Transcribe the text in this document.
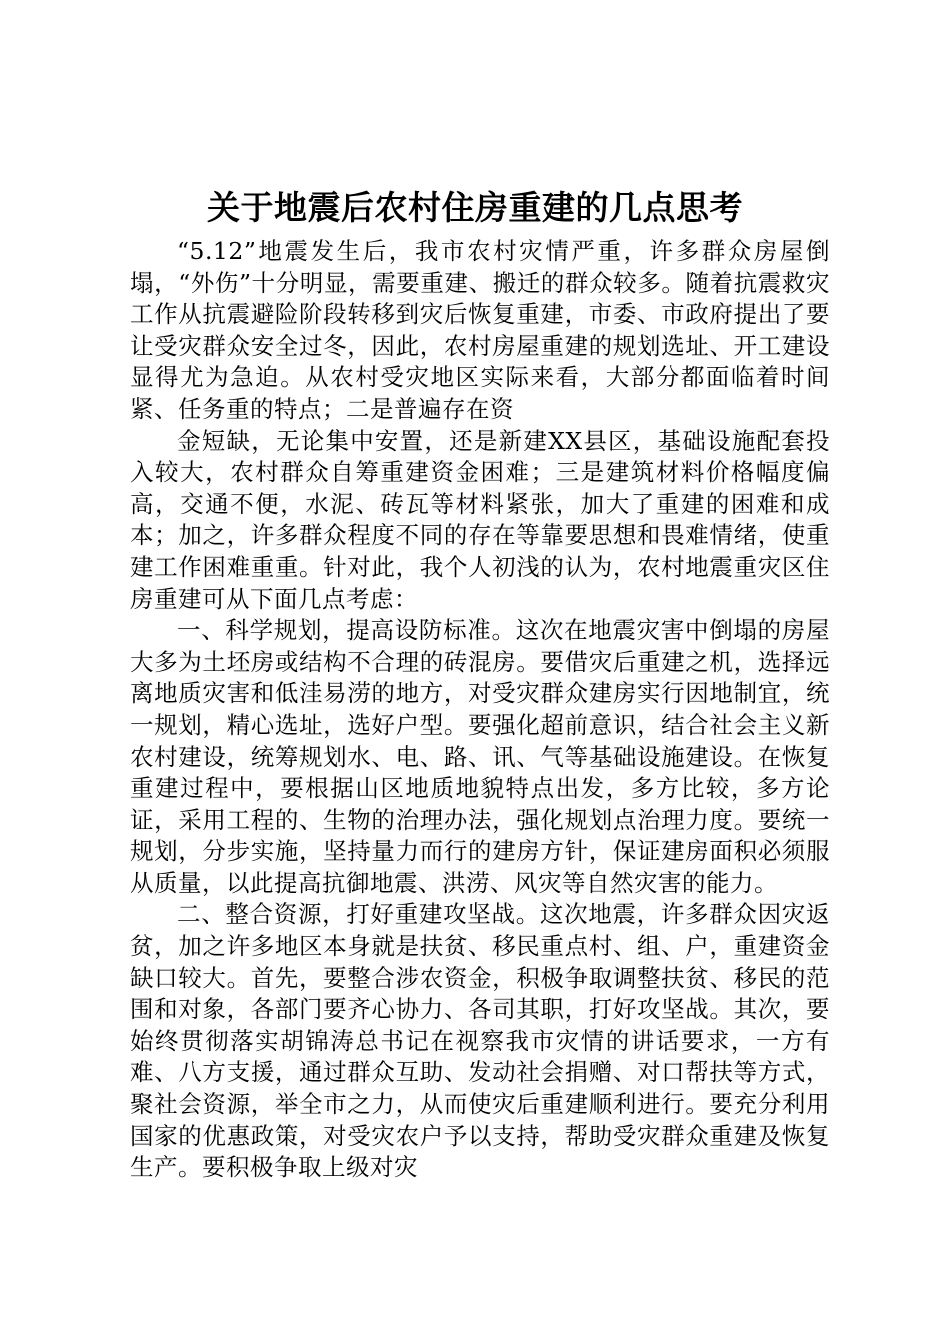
关于地震后农村住房重建的几点思考

“5.12”地震发生后，我市农村灾情严重，许多群众房屋倒塌，“外伤”十分明显，需要重建、搬迁的群众较多。随着抗震救灾工作从抗震避险阶段转移到灾后恢复重建，市委、市政府提出了要让受灾群众安全过冬，因此，农村房屋重建的规划选址、开工建设显得尤为急迫。从农村受灾地区实际来看，大部分都面临着时间紧、任务重的特点；二是普遍存在资

金短缺，无论集中安置，还是新建XX县区，基础设施配套投入较大，农村群众自筹重建资金困难；三是建筑材料价格幅度偏高，交通不便，水泥、砖瓦等材料紧张，加大了重建的困难和成本；加之，许多群众程度不同的存在等靠要思想和畏难情绪，使重建工作困难重重。针对此，我个人初浅的认为，农村地震重灾区住房重建可从下面几点考虑：

一、科学规划，提高设防标准。这次在地震灾害中倒塌的房屋大多为土坯房或结构不合理的砖混房。要借灾后重建之机，选择远离地质灾害和低洼易涝的地方，对受灾群众建房实行因地制宜，统一规划，精心选址，选好户型。要强化超前意识，结合社会主义新农村建设，统筹规划水、电、路、讯、气等基础设施建设。在恢复重建过程中，要根据山区地质地貌特点出发，多方比较，多方论证，采用工程的、生物的治理办法，强化规划点治理力度。要统一规划，分步实施，坚持量力而行的建房方针，保证建房面积必须服从质量，以此提高抗御地震、洪涝、风灾等自然灾害的能力。

二、整合资源，打好重建攻坚战。这次地震，许多群众因灾返贫，加之许多地区本身就是扶贫、移民重点村、组、户，重建资金缺口较大。首先，要整合涉农资金，积极争取调整扶贫、移民的范围和对象，各部门要齐心协力、各司其职，打好攻坚战。其次，要始终贯彻落实胡锦涛总书记在视察我市灾情的讲话要求，一方有难、八方支援，通过群众互助、发动社会捐赠、对口帮扶等方式，聚社会资源，举全市之力，从而使灾后重建顺利进行。要充分利用国家的优惠政策，对受灾农户予以支持，帮助受灾群众重建及恢复生产。要积极争取上级对灾
